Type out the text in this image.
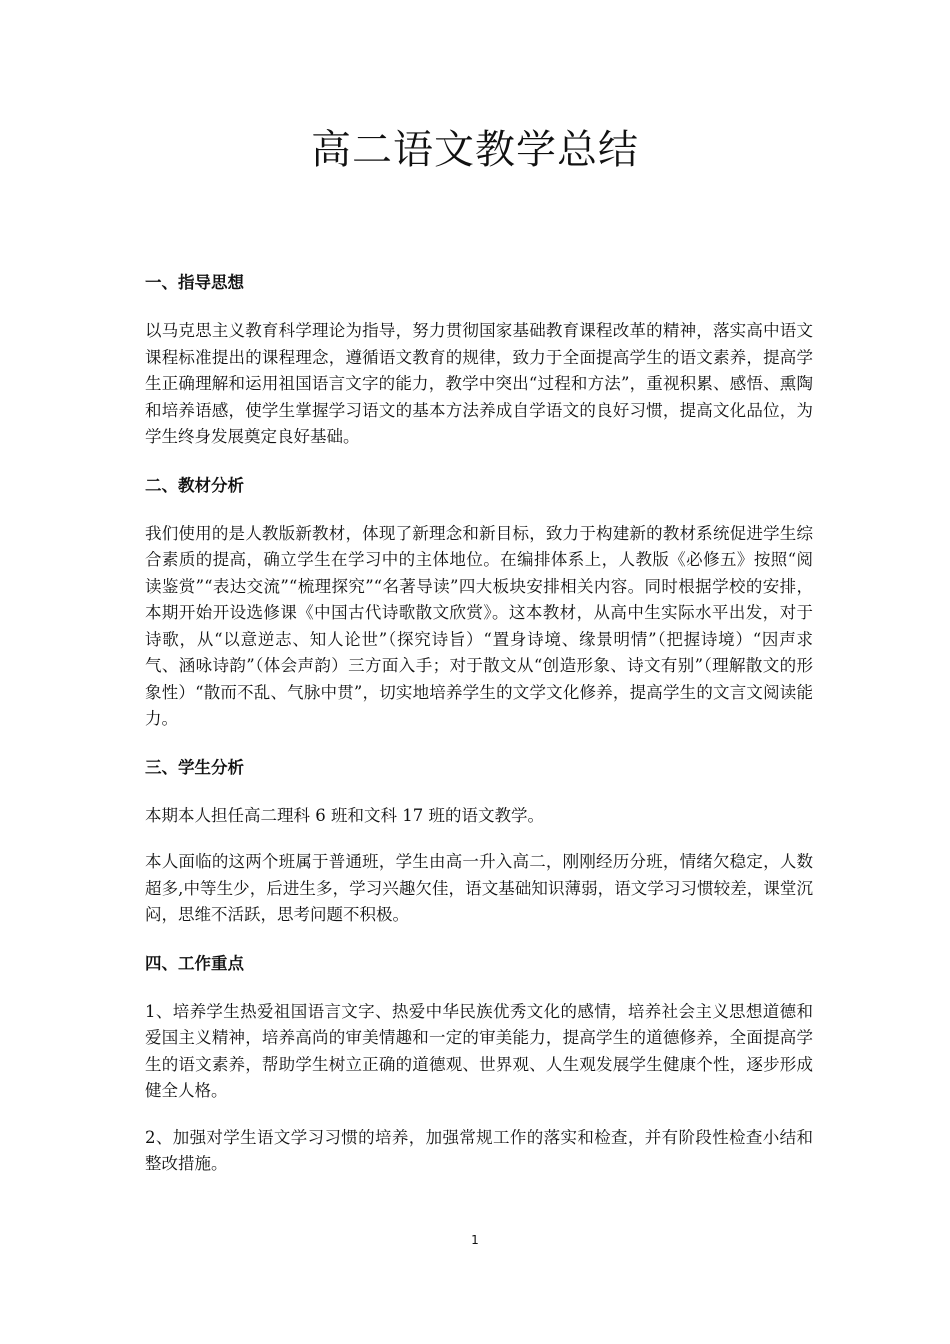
高二语文教学总结
一、指导思想

以马克思主义教育科学理论为指导，努力贯彻国家基础教育课程改革的精神，落实高中语文课程标准提出的课程理念，遵循语文教育的规律，致力于全面提高学生的语文素养，提高学生正确理解和运用祖国语言文字的能力，教学中突出“过程和方法”，重视积累、感悟、熏陶和培养语感，使学生掌握学习语文的基本方法养成自学语文的良好习惯，提高文化品位，为学生终身发展奠定良好基础。

二、教材分析

我们使用的是人教版新教材，体现了新理念和新目标，致力于构建新的教材系统促进学生综合素质的提高，确立学生在学习中的主体地位。在编排体系上，人教版《必修五》按照“阅读鉴赏”“表达交流”“梳理探究”“名著导读”四大板块安排相关内容。同时根据学校的安排，本期开始开设选修课《中国古代诗歌散文欣赏》。这本教材，从高中生实际水平出发，对于诗歌，从“以意逆志、知人论世”（探究诗旨）“置身诗境、缘景明情”（把握诗境）“因声求气、涵咏诗韵”（体会声韵）三方面入手；对于散文从“创造形象、诗文有别”（理解散文的形象性）“散而不乱、气脉中贯”，切实地培养学生的文学文化修养，提高学生的文言文阅读能力。

三、学生分析

本期本人担任高二理科 6 班和文科 17 班的语文教学。

本人面临的这两个班属于普通班，学生由高一升入高二，刚刚经历分班，情绪欠稳定，人数超多,中等生少，后进生多，学习兴趣欠佳，语文基础知识薄弱，语文学习习惯较差，课堂沉闷，思维不活跃，思考问题不积极。

四、工作重点

1、培养学生热爱祖国语言文字、热爱中华民族优秀文化的感情，培养社会主义思想道德和爱国主义精神，培养高尚的审美情趣和一定的审美能力，提高学生的道德修养，全面提高学生的语文素养，帮助学生树立正确的道德观、世界观、人生观发展学生健康个性，逐步形成健全人格。

2、加强对学生语文学习习惯的培养，加强常规工作的落实和检查，并有阶段性检查小结和整改措施。

1
